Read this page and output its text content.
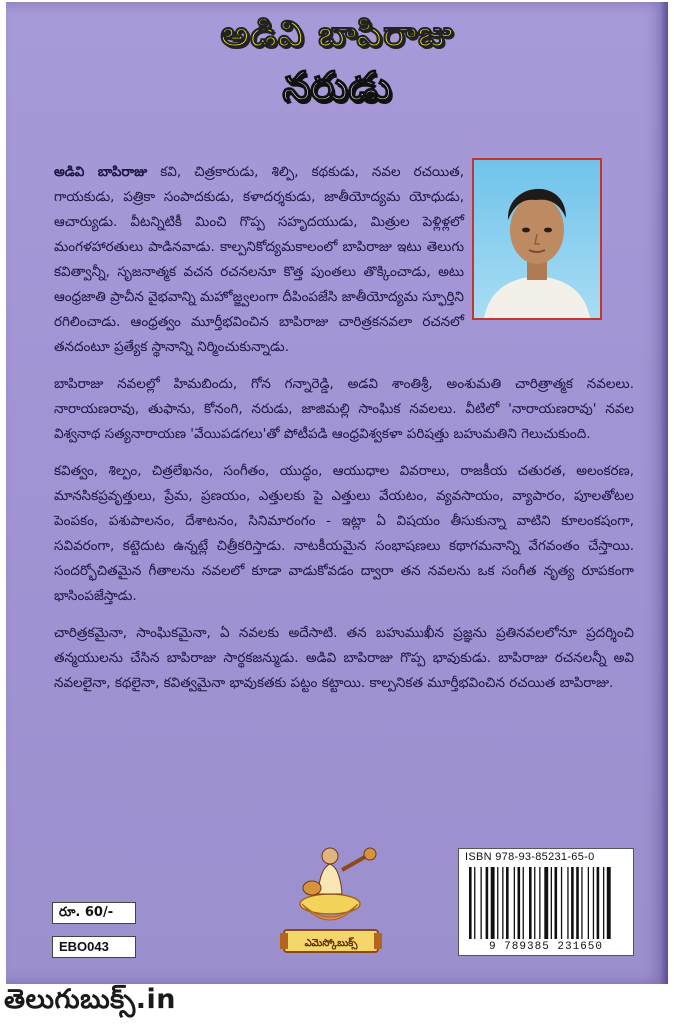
అడివి బాపిరాజు
నరుడు

అడివి బాపిరాజు కవి, చిత్రకారుడు, శిల్పి, కథకుడు, నవల రచయిత, గాయకుడు, పత్రికా సంపాదకుడు, కళాదర్శకుడు, జాతీయోద్యమ యోధుడు, ఆచార్యుడు. వీటన్నిటికీ మించి గొప్ప సహృదయుడు, మిత్రుల పెళ్లిళ్లలో మంగళహారతులు పాడినవాడు. కాల్పనికోద్యమకాలంలో బాపిరాజు ఇటు తెలుగు కవిత్వాన్నీ, సృజనాత్మక వచన రచనలనూ కొత్త పుంతలు తొక్కించాడు, అటు ఆంధ్రజాతి ప్రాచీన వైభవాన్ని మహోజ్జ్వలంగా దీపింపజేసి జాతీయోద్యమ స్ఫూర్తిని రగిలించాడు. ఆంధ్రత్వం మూర్తీభవించిన బాపిరాజు చారిత్రకనవలా రచనలో తనదంటూ ప్రత్యేక స్థానాన్ని నిర్మించుకున్నాడు.

బాపిరాజు నవలల్లో హిమబిందు, గోన గన్నారెడ్డి, అడవి శాంతిశ్రీ, అంశుమతి చారిత్రాత్మక నవలలు. నారాయణరావు, తుఫాను, కోనంగి, నరుడు, జాజిమల్లి సాంఘిక నవలలు. వీటిలో 'నారాయణరావు' నవల విశ్వనాథ సత్యనారాయణ 'వేయిపడగలు'తో పోటీపడి ఆంధ్రవిశ్వకళా పరిషత్తు బహుమతిని గెలుచుకుంది.

కవిత్వం, శిల్పం, చిత్రలేఖనం, సంగీతం, యుద్ధం, ఆయుధాల వివరాలు, రాజకీయ చతురత, అలంకరణ, మానసికప్రవృత్తులు, ప్రేమ, ప్రణయం, ఎత్తులకు పై ఎత్తులు వేయటం, వ్యవసాయం, వ్యాపారం, పూలతోటల పెంపకం, పశుపాలనం, దేశాటనం, సినిమారంగం - ఇట్లా ఏ విషయం తీసుకున్నా వాటిని కూలంకషంగా, సవివరంగా, కట్టెదుట ఉన్నట్లే చిత్రీకరిస్తాడు. నాటకీయమైన సంభాషణలు కథాగమనాన్ని వేగవంతం చేస్తాయి. సందర్భోచితమైన గీతాలను నవలలో కూడా వాడుకోవడం ద్వారా తన నవలను ఒక సంగీత నృత్య రూపకంగా భాసింపజేస్తాడు.

చారిత్రకమైనా, సాంఘికమైనా, ఏ నవలకు అదేసాటి. తన బహుముఖీన ప్రజ్ఞను ప్రతినవలలోనూ ప్రదర్శించి తన్మయులను చేసిన బాపిరాజు సార్థకజన్ముడు. అడివి బాపిరాజు గొప్ప భావుకుడు. బాపిరాజు రచనలన్నీ అవి నవలలైనా, కథలైనా, కవిత్వమైనా భావుకతకు పట్టం కట్టాయి. కాల్పనికత మూర్తీభవించిన రచయిత బాపిరాజు.

ఎమెస్కోబుక్స్
రూ. 60/-
EBO043
ISBN 978-93-85231-65-0
9 789385 231650
తెలుగుబుక్స్.in
